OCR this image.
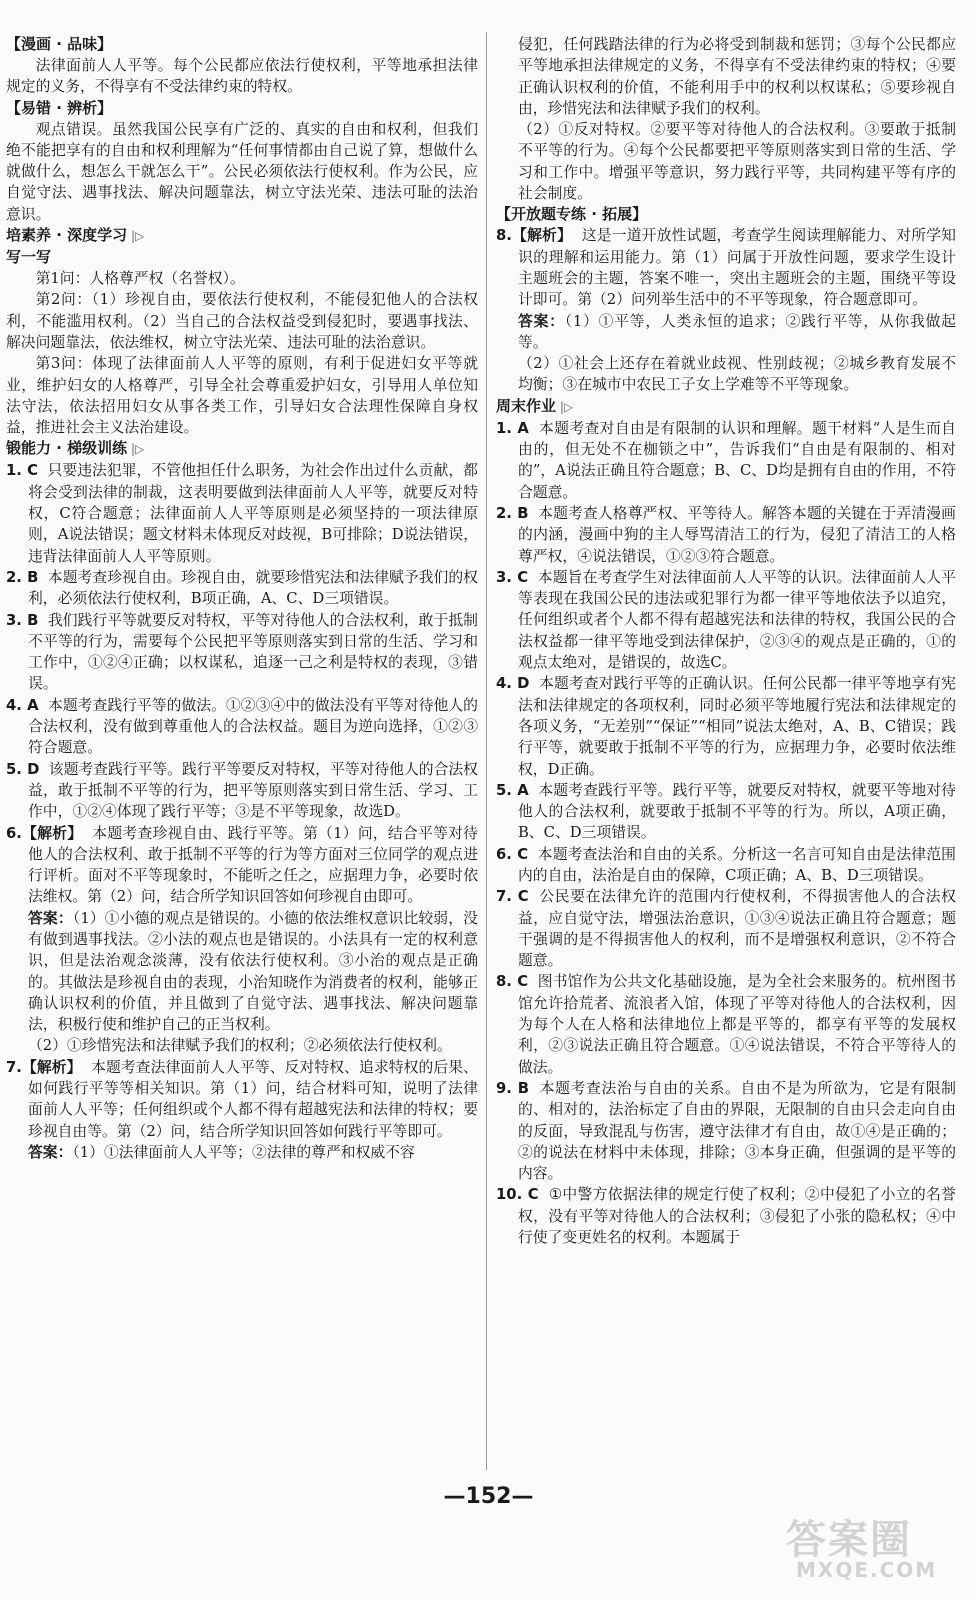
【漫画 · 品味】
法律面前人人平等。每个公民都应依法行使权利，平等地承担法律规定的义务，不得享有不受法律约束的特权。
【易错 · 辨析】
观点错误。虽然我国公民享有广泛的、真实的自由和权利，但我们绝不能把享有的自由和权利理解为“任何事情都由自己说了算，想做什么就做什么，想怎么干就怎么干”。公民必须依法行使权利。作为公民，应自觉守法、遇事找法、解决问题靠法，树立守法光荣、违法可耻的法治意识。
培素养 · 深度学习 |▷
写一写
第1问：人格尊严权（名誉权）。
第2问：（1）珍视自由，要依法行使权利，不能侵犯他人的合法权利，不能滥用权利。（2）当自己的合法权益受到侵犯时，要遇事找法、解决问题靠法，依法维权，树立守法光荣、违法可耻的法治意识。
第3问：体现了法律面前人人平等的原则，有利于促进妇女平等就业，维护妇女的人格尊严，引导全社会尊重爱护妇女，引导用人单位知法守法，依法招用妇女从事各类工作，引导妇女合法理性保障自身权益，推进社会主义法治建设。
锻能力 · 梯级训练 |▷
1. C 只要违法犯罪，不管他担任什么职务，为社会作出过什么贡献，都将会受到法律的制裁，这表明要做到法律面前人人平等，就要反对特权，C符合题意；法律面前人人平等原则是必须坚持的一项法律原则，A说法错误；题文材料未体现反对歧视，B可排除；D说法错误，违背法律面前人人平等原则。
2. B 本题考查珍视自由。珍视自由，就要珍惜宪法和法律赋予我们的权利，必须依法行使权利，B项正确，A、C、D三项错误。
3. B 我们践行平等就要反对特权，平等对待他人的合法权利，敢于抵制不平等的行为，需要每个公民把平等原则落实到日常的生活、学习和工作中，①②④正确；以权谋私，追逐一己之利是特权的表现，③错误。
4. A 本题考查践行平等的做法。①②③④中的做法没有平等对待他人的合法权利，没有做到尊重他人的合法权益。题目为逆向选择，①②③符合题意。
5. D 该题考查践行平等。践行平等要反对特权，平等对待他人的合法权益，敢于抵制不平等的行为，把平等原则落实到日常生活、学习、工作中，①②④体现了践行平等；③是不平等现象，故选D。
6.【解析】 本题考查珍视自由、践行平等。第（1）问，结合平等对待他人的合法权利、敢于抵制不平等的行为等方面对三位同学的观点进行评析。面对不平等现象时，不能听之任之，应据理力争，必要时依法维权。第（2）问，结合所学知识回答如何珍视自由即可。
答案：（1）①小德的观点是错误的。小德的依法维权意识比较弱，没有做到遇事找法。②小法的观点也是错误的。小法具有一定的权利意识，但是法治观念淡薄，没有依法行使权利。③小治的观点是正确的。其做法是珍视自由的表现，小治知晓作为消费者的权利，能够正确认识权利的价值，并且做到了自觉守法、遇事找法、解决问题靠法，积极行使和维护自己的正当权利。
（2）①珍惜宪法和法律赋予我们的权利；②必须依法行使权利。
7.【解析】 本题考查法律面前人人平等、反对特权、追求特权的后果、如何践行平等等相关知识。第（1）问，结合材料可知，说明了法律面前人人平等；任何组织或个人都不得有超越宪法和法律的特权；要珍视自由等。第（2）问，结合所学知识回答如何践行平等即可。
答案：（1）①法律面前人人平等；②法律的尊严和权威不容
侵犯，任何践踏法律的行为必将受到制裁和惩罚；③每个公民都应平等地承担法律规定的义务，不得享有不受法律约束的特权；④要正确认识权利的价值，不能利用手中的权利以权谋私；⑤要珍视自由，珍惜宪法和法律赋予我们的权利。
（2）①反对特权。②要平等对待他人的合法权利。③要敢于抵制不平等的行为。④每个公民都要把平等原则落实到日常的生活、学习和工作中。增强平等意识，努力践行平等，共同构建平等有序的社会制度。
【开放题专练 · 拓展】
8.【解析】 这是一道开放性试题，考查学生阅读理解能力、对所学知识的理解和运用能力。第（1）问属于开放性问题，要求学生设计主题班会的主题，答案不唯一，突出主题班会的主题，围绕平等设计即可。第（2）问列举生活中的不平等现象，符合题意即可。
答案：（1）①平等，人类永恒的追求；②践行平等，从你我做起等。
（2）①社会上还存在着就业歧视、性别歧视；②城乡教育发展不均衡；③在城市中农民工子女上学难等不平等现象。
周末作业 |▷
1. A 本题考查对自由是有限制的认识和理解。题干材料“人是生而自由的，但无处不在枷锁之中”，告诉我们“自由是有限制的、相对的”，A说法正确且符合题意；B、C、D均是拥有自由的作用，不符合题意。
2. B 本题考查人格尊严权、平等待人。解答本题的关键在于弄清漫画的内涵，漫画中狗的主人辱骂清洁工的行为，侵犯了清洁工的人格尊严权，④说法错误，①②③符合题意。
3. C 本题旨在考查学生对法律面前人人平等的认识。法律面前人人平等表现在我国公民的违法或犯罪行为都一律平等地依法予以追究，任何组织或者个人都不得有超越宪法和法律的特权，我国公民的合法权益都一律平等地受到法律保护，②③④的观点是正确的，①的观点太绝对，是错误的，故选C。
4. D 本题考查对践行平等的正确认识。任何公民都一律平等地享有宪法和法律规定的各项权利，同时必须平等地履行宪法和法律规定的各项义务，“无差别”“保证”“相同”说法太绝对，A、B、C错误；践行平等，就要敢于抵制不平等的行为，应据理力争，必要时依法维权，D正确。
5. A 本题考查践行平等。践行平等，就要反对特权，就要平等地对待他人的合法权利，就要敢于抵制不平等的行为。所以，A项正确，B、C、D三项错误。
6. C 本题考查法治和自由的关系。分析这一名言可知自由是法律范围内的自由，法治是自由的保障，C项正确；A、B、D三项错误。
7. C 公民要在法律允许的范围内行使权利，不得损害他人的合法权益，应自觉守法，增强法治意识，①③④说法正确且符合题意；题干强调的是不得损害他人的权利，而不是增强权利意识，②不符合题意。
8. C 图书馆作为公共文化基础设施，是为全社会来服务的。杭州图书馆允许拾荒者、流浪者入馆，体现了平等对待他人的合法权利，因为每个人在人格和法律地位上都是平等的，都享有平等的发展权利，②③说法正确且符合题意。①④说法错误，不符合平等待人的做法。
9. B 本题考查法治与自由的关系。自由不是为所欲为，它是有限制的、相对的，法治标定了自由的界限，无限制的自由只会走向自由的反面，导致混乱与伤害，遵守法律才有自由，故①④是正确的；②的说法在材料中未体现，排除；③本身正确，但强调的是平等的内容。
10. C ①中警方依据法律的规定行使了权利；②中侵犯了小立的名誉权，没有平等对待他人的合法权利；③侵犯了小张的隐私权；④中行使了变更姓名的权利。本题属于
—152—
答案圈
MXQE.COM
